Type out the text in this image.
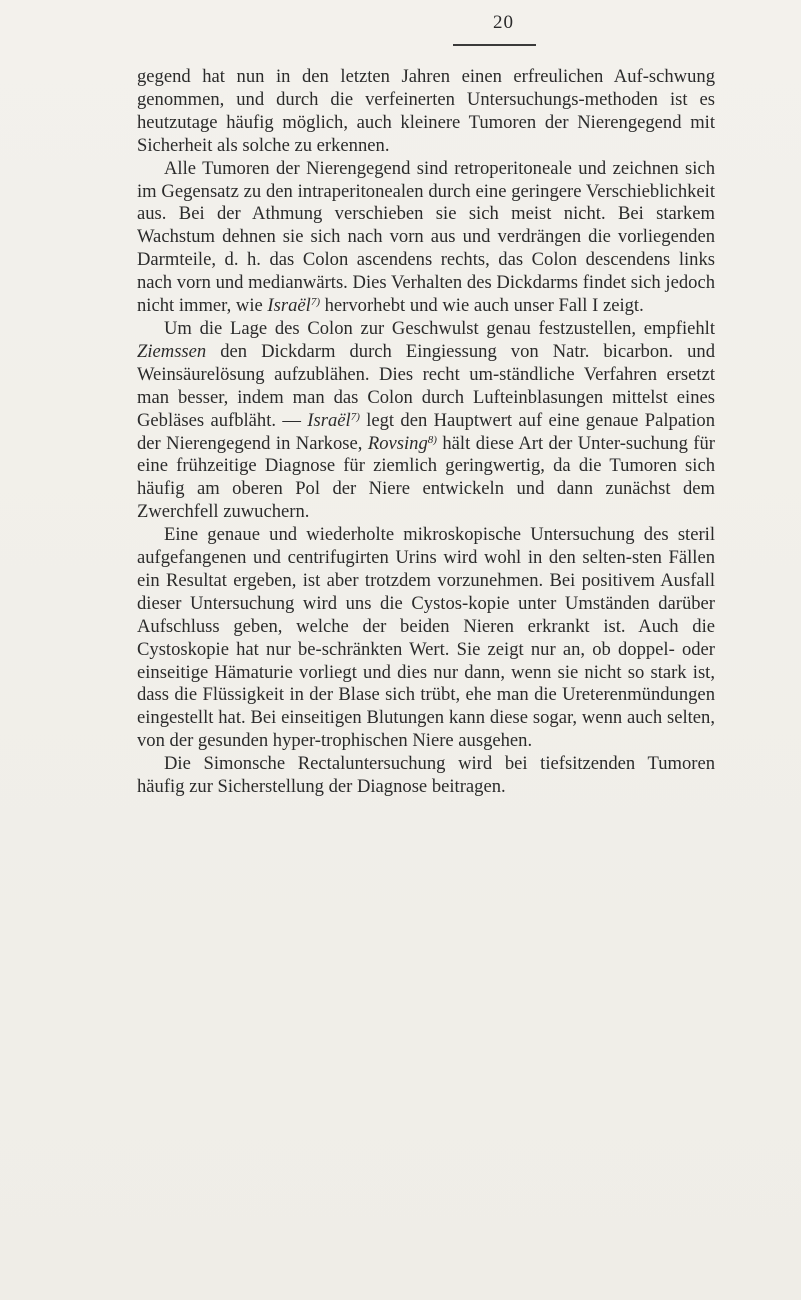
20

gegend hat nun in den letzten Jahren einen erfreulichen Auf-schwung genommen, und durch die verfeinerten Untersuchungs-methoden ist es heutzutage häufig möglich, auch kleinere Tumoren der Nierengegend mit Sicherheit als solche zu erkennen.

Alle Tumoren der Nierengegend sind retroperitoneale und zeichnen sich im Gegensatz zu den intraperitonealen durch eine geringere Verschieblichkeit aus. Bei der Athmung verschieben sie sich meist nicht. Bei starkem Wachstum dehnen sie sich nach vorn aus und verdrängen die vorliegenden Darmteile, d. h. das Colon ascendens rechts, das Colon descendens links nach vorn und medianwärts. Dies Verhalten des Dickdarms findet sich jedoch nicht immer, wie Israël$^{7)}$ hervorhebt und wie auch unser Fall I zeigt.

Um die Lage des Colon zur Geschwulst genau festzustellen, empfiehlt Ziemssen den Dickdarm durch Eingiessung von Natr. bicarbon. und Weinsäurelösung aufzublähen. Dies recht um-ständliche Verfahren ersetzt man besser, indem man das Colon durch Lufteinblasungen mittelst eines Gebläses aufbläht. — Israël$^{7)}$ legt den Hauptwert auf eine genaue Palpation der Nierengegend in Narkose, Rovsing$^{8)}$ hält diese Art der Unter-suchung für eine frühzeitige Diagnose für ziemlich geringwertig, da die Tumoren sich häufig am oberen Pol der Niere entwickeln und dann zunächst dem Zwerchfell zuwuchern.

Eine genaue und wiederholte mikroskopische Untersuchung des steril aufgefangenen und centrifugirten Urins wird wohl in den selten-sten Fällen ein Resultat ergeben, ist aber trotzdem vorzunehmen. Bei positivem Ausfall dieser Untersuchung wird uns die Cystos-kopie unter Umständen darüber Aufschluss geben, welche der beiden Nieren erkrankt ist. Auch die Cystoskopie hat nur be-schränkten Wert. Sie zeigt nur an, ob doppel- oder einseitige Hämaturie vorliegt und dies nur dann, wenn sie nicht so stark ist, dass die Flüssigkeit in der Blase sich trübt, ehe man die Ureterenmündungen eingestellt hat. Bei einseitigen Blutungen kann diese sogar, wenn auch selten, von der gesunden hyper-trophischen Niere ausgehen.

Die Simonsche Rectaluntersuchung wird bei tiefsitzenden Tumoren häufig zur Sicherstellung der Diagnose beitragen.
